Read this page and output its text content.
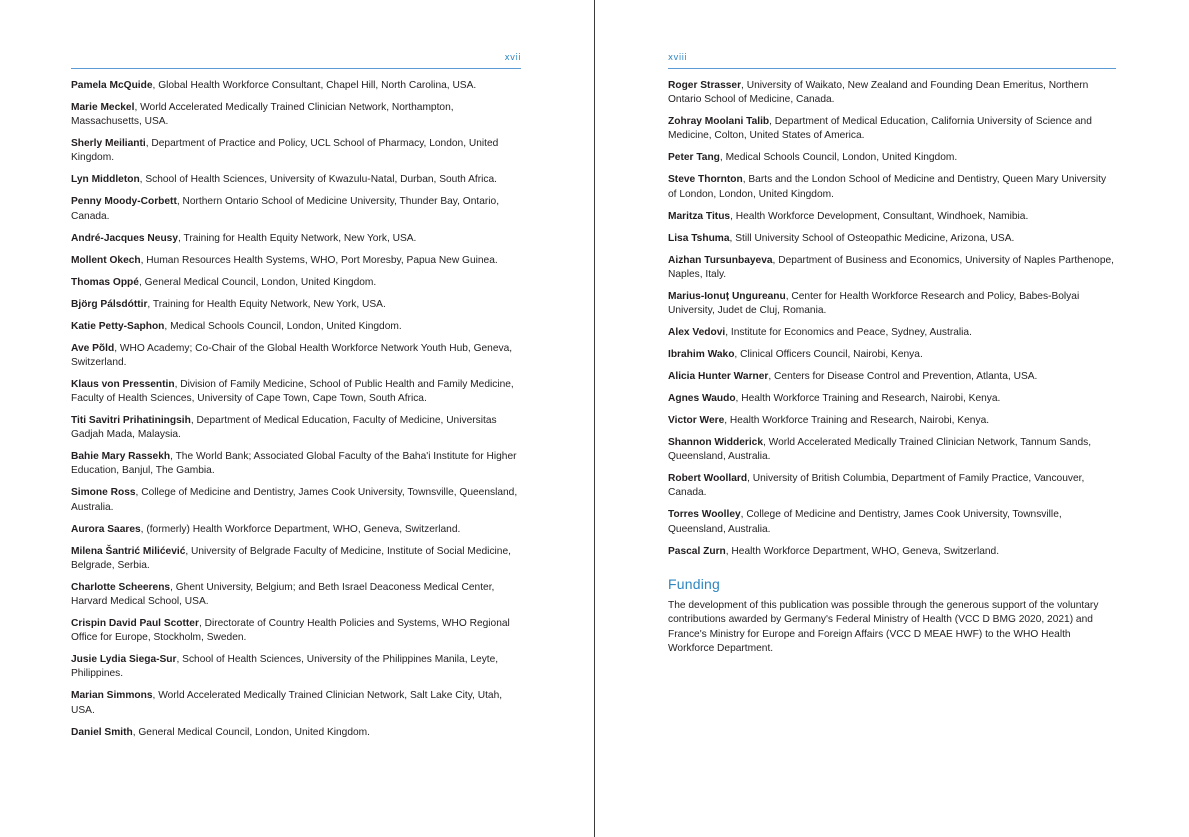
xvii

Pamela McQuide, Global Health Workforce Consultant, Chapel Hill, North Carolina, USA.

Marie Meckel, World Accelerated Medically Trained Clinician Network, Northampton, Massachusetts, USA.

Sherly Meilianti, Department of Practice and Policy, UCL School of Pharmacy, London, United Kingdom.

Lyn Middleton, School of Health Sciences, University of Kwazulu-Natal, Durban, South Africa.

Penny Moody-Corbett, Northern Ontario School of Medicine University, Thunder Bay, Ontario, Canada.

André-Jacques Neusy, Training for Health Equity Network, New York, USA.

Mollent Okech, Human Resources Health Systems, WHO, Port Moresby, Papua New Guinea.

Thomas Oppé, General Medical Council, London, United Kingdom.

Björg Pálsdóttir, Training for Health Equity Network, New York, USA.

Katie Petty-Saphon, Medical Schools Council, London, United Kingdom.

Ave Põld, WHO Academy; Co-Chair of the Global Health Workforce Network Youth Hub, Geneva, Switzerland.

Klaus von Pressentin, Division of Family Medicine, School of Public Health and Family Medicine, Faculty of Health Sciences, University of Cape Town, Cape Town, South Africa.

Titi Savitri Prihatiningsih, Department of Medical Education, Faculty of Medicine, Universitas Gadjah Mada, Malaysia.

Bahie Mary Rassekh, The World Bank; Associated Global Faculty of the Baha'i Institute for Higher Education, Banjul, The Gambia.

Simone Ross, College of Medicine and Dentistry, James Cook University, Townsville, Queensland, Australia.

Aurora Saares, (formerly) Health Workforce Department, WHO, Geneva, Switzerland.

Milena Šantrić Milićević, University of Belgrade Faculty of Medicine, Institute of Social Medicine, Belgrade, Serbia.

Charlotte Scheerens, Ghent University, Belgium; and Beth Israel Deaconess Medical Center, Harvard Medical School, USA.

Crispin David Paul Scotter, Directorate of Country Health Policies and Systems, WHO Regional Office for Europe, Stockholm, Sweden.

Jusie Lydia Siega-Sur, School of Health Sciences, University of the Philippines Manila, Leyte, Philippines.

Marian Simmons, World Accelerated Medically Trained Clinician Network, Salt Lake City, Utah, USA.

Daniel Smith, General Medical Council, London, United Kingdom.

xviii

Roger Strasser, University of Waikato, New Zealand and Founding Dean Emeritus, Northern Ontario School of Medicine, Canada.

Zohray Moolani Talib, Department of Medical Education, California University of Science and Medicine, Colton, United States of America.

Peter Tang, Medical Schools Council, London, United Kingdom.

Steve Thornton, Barts and the London School of Medicine and Dentistry, Queen Mary University of London, London, United Kingdom.

Maritza Titus, Health Workforce Development, Consultant, Windhoek, Namibia.

Lisa Tshuma, Still University School of Osteopathic Medicine, Arizona, USA.

Aizhan Tursunbayeva, Department of Business and Economics, University of Naples Parthenope, Naples, Italy.

Marius-Ionuț Ungureanu, Center for Health Workforce Research and Policy, Babes-Bolyai University, Judet de Cluj, Romania.

Alex Vedovi, Institute for Economics and Peace, Sydney, Australia.

Ibrahim Wako, Clinical Officers Council, Nairobi, Kenya.

Alicia Hunter Warner, Centers for Disease Control and Prevention, Atlanta, USA.

Agnes Waudo, Health Workforce Training and Research, Nairobi, Kenya.

Victor Were, Health Workforce Training and Research, Nairobi, Kenya.

Shannon Widderick, World Accelerated Medically Trained Clinician Network, Tannum Sands, Queensland, Australia.

Robert Woollard, University of British Columbia, Department of Family Practice, Vancouver, Canada.

Torres Woolley, College of Medicine and Dentistry, James Cook University, Townsville, Queensland, Australia.

Pascal Zurn, Health Workforce Department, WHO, Geneva, Switzerland.

Funding

The development of this publication was possible through the generous support of the voluntary contributions awarded by Germany's Federal Ministry of Health (VCC D BMG 2020, 2021) and France's Ministry for Europe and Foreign Affairs (VCC D MEAE HWF) to the WHO Health Workforce Department.
